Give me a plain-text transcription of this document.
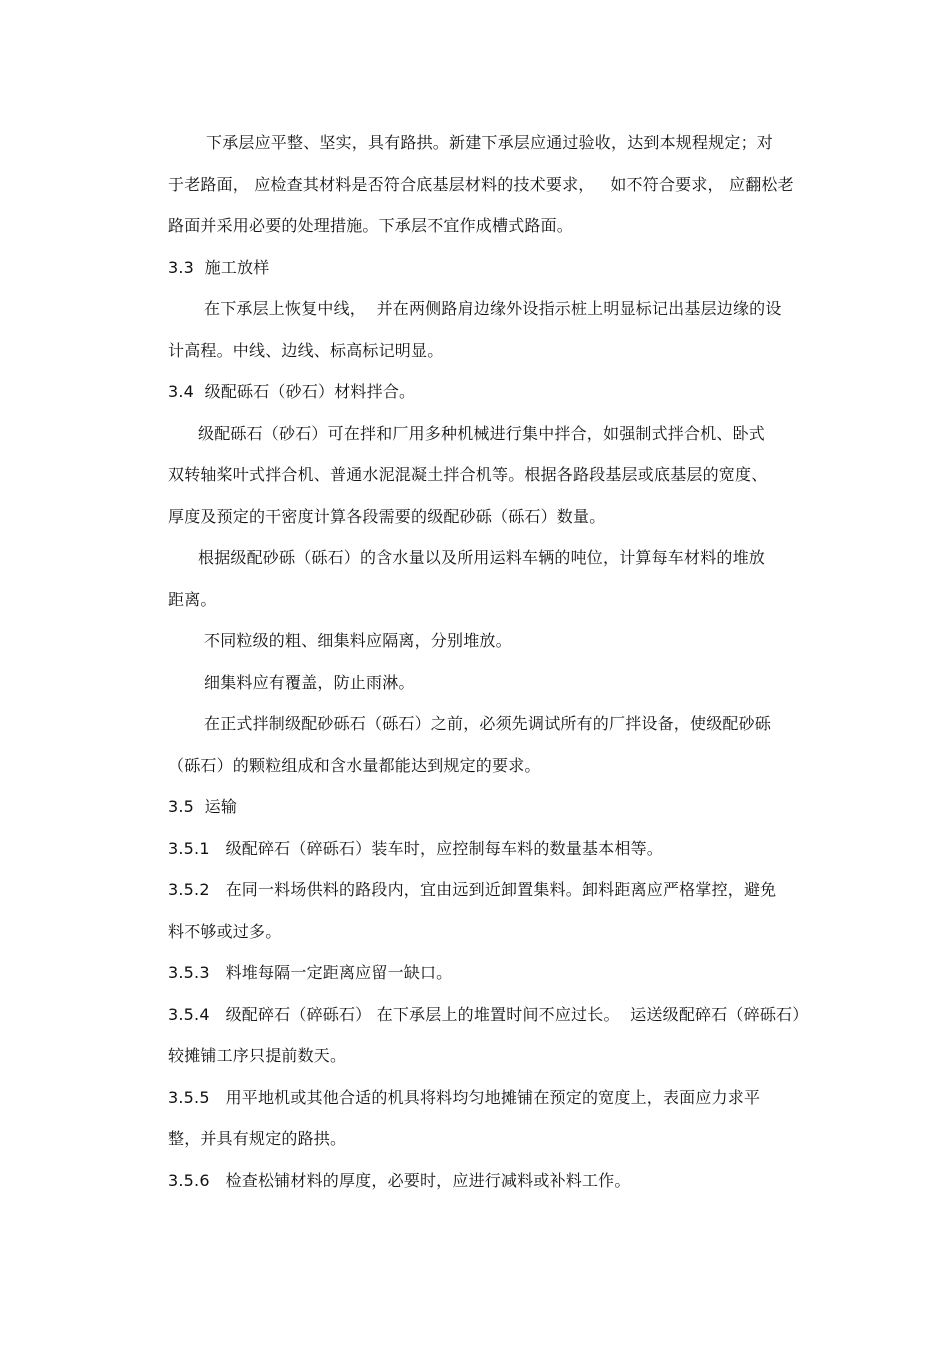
下承层应平整、坚实，具有路拱。新建下承层应通过验收，达到本规程规定；对
于老路面， 应检查其材料是否符合底基层材料的技术要求，   如不符合要求， 应翻松老
路面并采用必要的处理措施。下承层不宜作成槽式路面。
3.3  施工放样
在下承层上恢复中线，  并在两侧路肩边缘外设指示桩上明显标记出基层边缘的设
计高程。中线、边线、标高标记明显。
3.4  级配砾石（砂石）材料拌合。
级配砾石（砂石）可在拌和厂用多种机械进行集中拌合，如强制式拌合机、卧式
双转轴桨叶式拌合机、普通水泥混凝土拌合机等。根据各路段基层或底基层的宽度、
厚度及预定的干密度计算各段需要的级配砂砾（砾石）数量。
根据级配砂砾（砾石）的含水量以及所用运料车辆的吨位，计算每车材料的堆放
距离。
不同粒级的粗、细集料应隔离，分别堆放。
细集料应有覆盖，防止雨淋。
在正式拌制级配砂砾石（砾石）之前，必须先调试所有的厂拌设备，使级配砂砾
（砾石）的颗粒组成和含水量都能达到规定的要求。
3.5  运输
3.5.1   级配碎石（碎砾石）装车时，应控制每车料的数量基本相等。
3.5.2   在同一料场供料的路段内，宜由远到近卸置集料。卸料距离应严格掌控，避免
料不够或过多。
3.5.3   料堆每隔一定距离应留一缺口。
3.5.4   级配碎石（碎砾石） 在下承层上的堆置时间不应过长。  运送级配碎石（碎砾石）
较摊铺工序只提前数天。
3.5.5   用平地机或其他合适的机具将料均匀地摊铺在预定的宽度上，表面应力求平
整，并具有规定的路拱。
3.5.6   检查松铺材料的厚度，必要时，应进行减料或补料工作。
